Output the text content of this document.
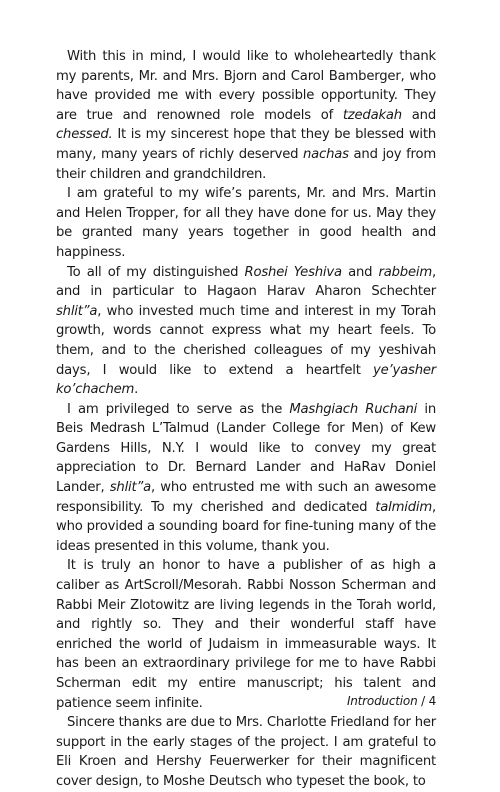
With this in mind, I would like to wholeheartedly thank my parents, Mr. and Mrs. Bjorn and Carol Bamberger, who have provided me with every possible opportunity. They are true and renowned role models of tzedakah and chessed. It is my sincerest hope that they be blessed with many, many years of richly deserved nachas and joy from their children and grandchildren.

I am grateful to my wife’s parents, Mr. and Mrs. Martin and Helen Tropper, for all they have done for us. May they be granted many years together in good health and happiness.

To all of my distinguished Roshei Yeshiva and rabbeim, and in particular to Hagaon Harav Aharon Schechter shlit”a, who invested much time and interest in my Torah growth, words cannot express what my heart feels. To them, and to the cherished colleagues of my yeshivah days, I would like to extend a heartfelt ye’yasher ko’chachem.

I am privileged to serve as the Mashgiach Ruchani in Beis Medrash L’Talmud (Lander College for Men) of Kew Gardens Hills, N.Y. I would like to convey my great appreciation to Dr. Bernard Lander and HaRav Doniel Lander, shlit”a, who entrusted me with such an awesome responsibility. To my cherished and dedicated talmidim, who provided a sounding board for fine-tuning many of the ideas presented in this volume, thank you.

It is truly an honor to have a publisher of as high a caliber as ArtScroll/Mesorah. Rabbi Nosson Scherman and Rabbi Meir Zlotowitz are living legends in the Torah world, and rightly so. They and their wonderful staff have enriched the world of Judaism in immeasurable ways. It has been an extraordinary privilege for me to have Rabbi Scherman edit my entire manuscript; his talent and patience seem infinite.

Sincere thanks are due to Mrs. Charlotte Friedland for her support in the early stages of the project. I am grateful to Eli Kroen and Hershy Feuerwerker for their magnificent cover design, to Moshe Deutsch who typeset the book, to

Introduction / 4
